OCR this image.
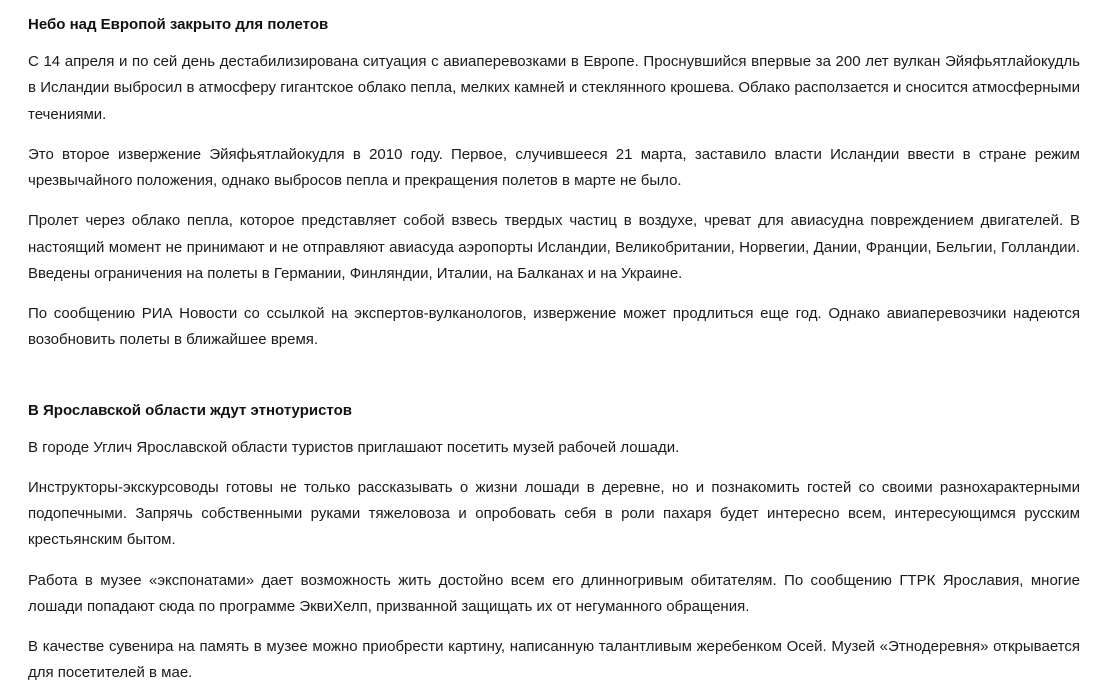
Небо над Европой закрыто для полетов

С 14 апреля и по сей день дестабилизирована ситуация с авиаперевозками в Европе. Проснувшийся впервые за 200 лет вулкан Эйяфьятлайокудль в Исландии выбросил в атмосферу гигантское облако пепла, мелких камней и стеклянного крошева. Облако расползается и сносится атмосферными течениями.

Это второе извержение Эйяфьятлайокудля в 2010 году. Первое, случившееся 21 марта, заставило власти Исландии ввести в стране режим чрезвычайного положения, однако выбросов пепла и прекращения полетов в марте не было.

Пролет через облако пепла, которое представляет собой взвесь твердых частиц в воздухе, чреват для авиасудна повреждением двигателей. В настоящий момент не принимают и не отправляют авиасуда аэропорты Исландии, Великобритании, Норвегии, Дании, Франции, Бельгии, Голландии. Введены ограничения на полеты в Германии, Финляндии, Италии, на Балканах и на Украине.

По сообщению РИА Новости со ссылкой на экспертов-вулканологов, извержение может продлиться еще год. Однако авиаперевозчики надеются возобновить полеты в ближайшее время.

В Ярославской области ждут этнотуристов

В городе Углич Ярославской области туристов приглашают посетить музей рабочей лошади.

Инструкторы-экскурсоводы готовы не только рассказывать о жизни лошади в деревне, но и познакомить гостей со своими разнохарактерными подопечными. Запрячь собственными руками тяжеловоза и опробовать себя в роли пахаря будет интересно всем, интересующимся русским крестьянским бытом.

Работа в музее «экспонатами» дает возможность жить достойно всем его длинногривым обитателям. По сообщению ГТРК Ярославия, многие лошади попадают сюда по программе ЭквиХелп, призванной защищать их от негуманного обращения.

В качестве сувенира на память в музее можно приобрести картину, написанную талантливым жеребенком Осей. Музей «Этнодеревня» открывается для посетителей в мае.
